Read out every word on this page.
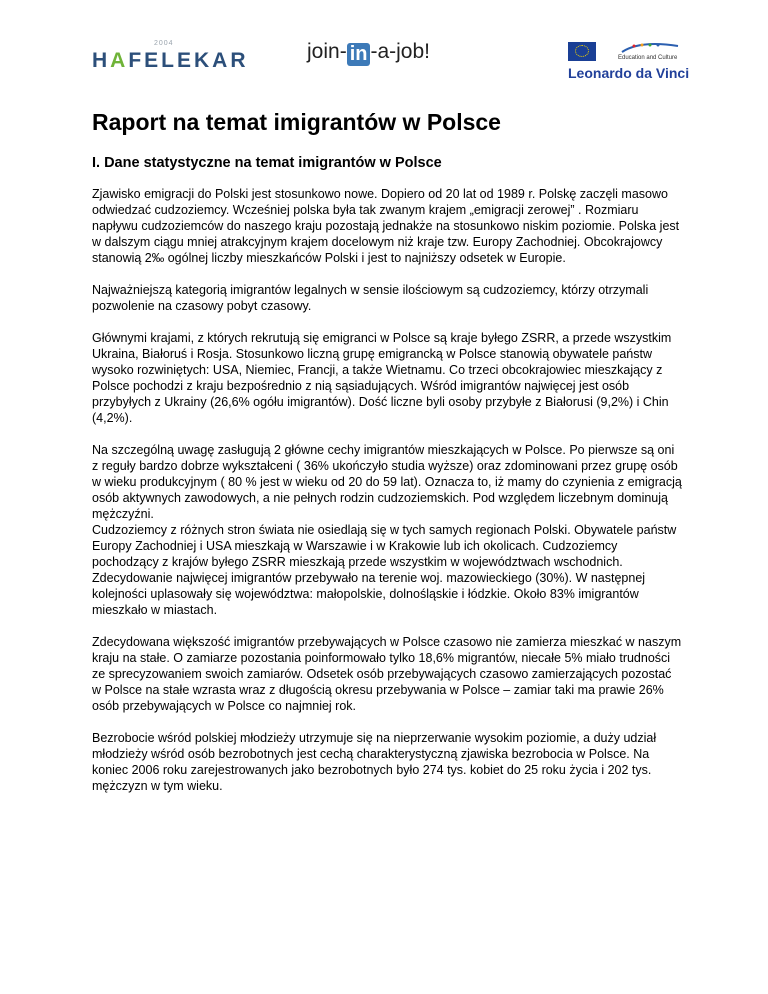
2004
HAFELEKAR	join- in -a-job!	Education and Culture
Leonardo da Vinci
Raport na temat imigrantów w Polsce
I. Dane statystyczne na temat imigrantów w Polsce

Zjawisko emigracji do Polski jest stosunkowo nowe. Dopiero od 20 lat od 1989 r. Polskę zaczęli masowo odwiedzać cudzoziemcy. Wcześniej polska była tak zwanym krajem „emigracji zerowej” . Rozmiaru napływu cudzoziemców do naszego kraju pozostają jednakże na stosunkowo niskim poziomie. Polska jest w dalszym ciągu mniej atrakcyjnym krajem docelowym niż kraje tzw. Europy Zachodniej. Obcokrajowcy stanowią 2‰ ogólnej liczby mieszkańców Polski i jest to najniższy odsetek w Europie.

Najważniejszą kategorią imigrantów legalnych w sensie ilościowym są cudzoziemcy, którzy otrzymali pozwolenie na czasowy pobyt czasowy.

Głównymi krajami, z których rekrutują się emigranci w Polsce są kraje byłego ZSRR, a przede wszystkim Ukraina, Białoruś i Rosja. Stosunkowo liczną grupę emigrancką w Polsce stanowią obywatele państw wysoko rozwiniętych: USA, Niemiec, Francji, a także Wietnamu. Co trzeci obcokrajowiec mieszkający z Polsce pochodzi z kraju bezpośrednio z nią sąsiadujących. Wśród imigrantów najwięcej jest osób przybyłych z Ukrainy (26,6% ogółu imigrantów). Dość liczne byli osoby przybyłe z Białorusi (9,2%) i Chin (4,2%).

Na szczególną uwagę zasługują 2 główne cechy imigrantów mieszkających w Polsce. Po pierwsze są oni z reguły bardzo dobrze wykształceni ( 36% ukończyło studia wyższe) oraz zdominowani przez grupę osób w wieku produkcyjnym ( 80 % jest w wieku od 20 do 59 lat). Oznacza to, iż mamy do czynienia z emigracją osób aktywnych zawodowych, a nie pełnych rodzin cudzoziemskich. Pod względem liczebnym dominują mężczyźni.

Cudzoziemcy z różnych stron świata nie osiedlają się w tych samych regionach Polski. Obywatele państw Europy Zachodniej i USA mieszkają w Warszawie i w Krakowie lub ich okolicach. Cudzoziemcy pochodzący z krajów byłego ZSRR mieszkają przede wszystkim w województwach wschodnich. Zdecydowanie najwięcej imigrantów przebywało na terenie woj. mazowieckiego (30%). W następnej kolejności uplasowały się województwa: małopolskie, dolnośląskie i łódzkie. Około 83% imigrantów mieszkało w miastach.

Zdecydowana większość imigrantów przebywających w Polsce czasowo nie zamierza mieszkać w naszym kraju na stałe. O zamiarze pozostania poinformowało tylko 18,6% migrantów, niecałe 5% miało trudności ze sprecyzowaniem swoich zamiarów. Odsetek osób przebywających czasowo zamierzających pozostać w Polsce na stałe wzrasta wraz z długością okresu przebywania w Polsce – zamiar taki ma prawie 26% osób przebywających w Polsce co najmniej rok.

Bezrobocie wśród polskiej młodzieży utrzymuje się na nieprzerwanie wysokim poziomie, a duży udział młodzieży wśród osób bezrobotnych jest cechą charakterystyczną zjawiska bezrobocia w Polsce. Na koniec 2006 roku zarejestrowanych jako bezrobotnych było 274 tys. kobiet do 25 roku życia i 202 tys. mężczyzn w tym wieku.
